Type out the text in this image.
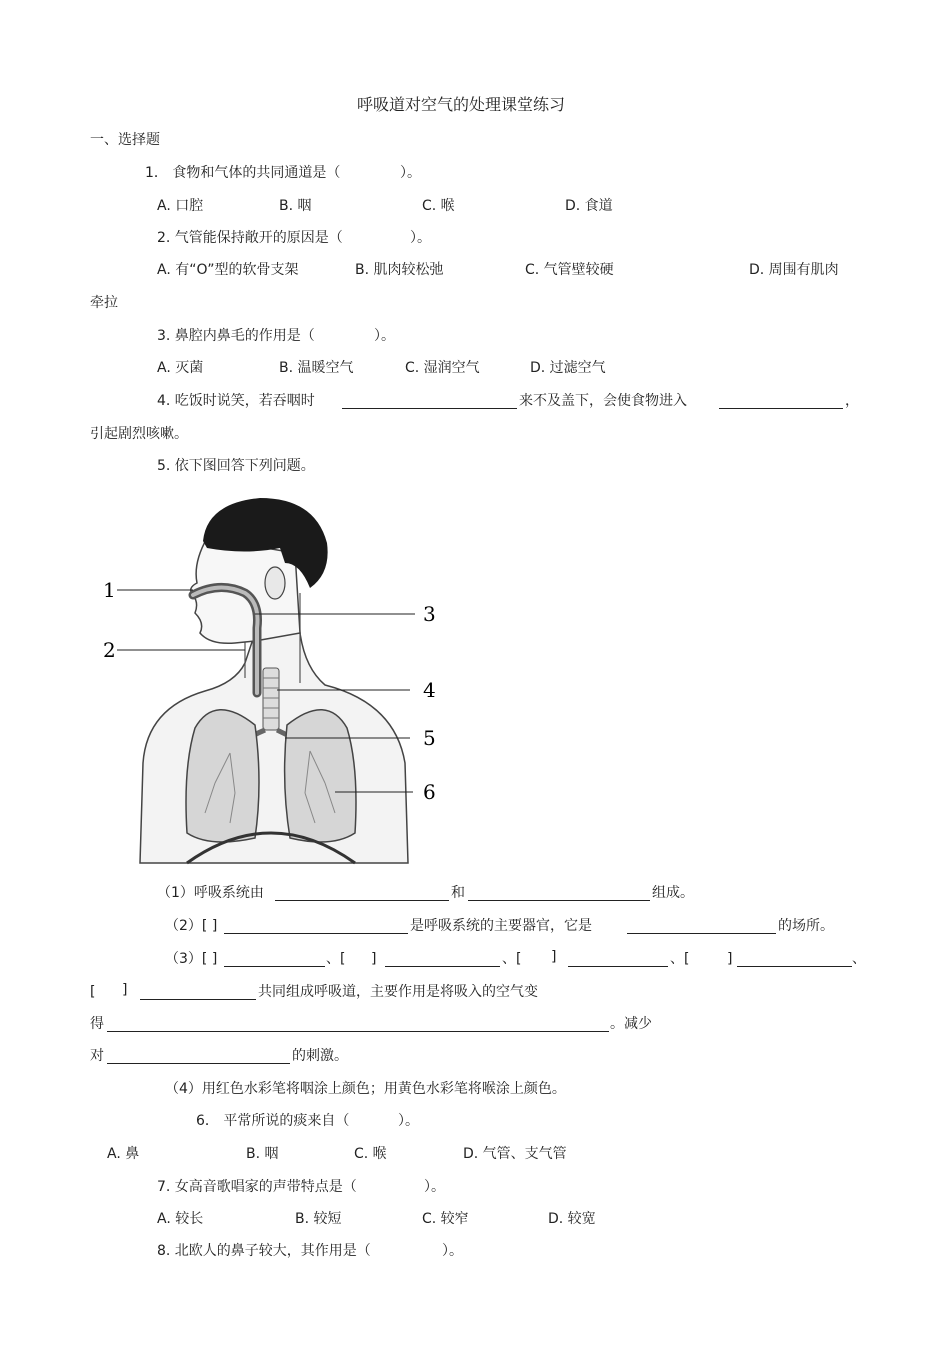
呼吸道对空气的处理课堂练习
一、选择题
1． 食物和气体的共同通道是（	）。
A. 口腔	B. 咽	C. 喉	D. 食道
2. 气管能保持敞开的原因是（	）。
A. 有“O”型的软骨支架	B. 肌肉较松弛	C. 气管壁较硬	D. 周围有肌肉
牵拉
3. 鼻腔内鼻毛的作用是（	）。
A. 灭菌	B. 温暖空气	C. 湿润空气	D. 过滤空气
4. 吃饭时说笑，若吞咽时	来不及盖下，会使食物进入	，
引起剧烈咳嗽。
5. 依下图回答下列问题。
1
2
3
4
5
6
（1）呼吸系统由	和	组成。
（2）[ ]	是呼吸系统的主要器官，它是	的场所。
（3）[ ]	、[ ]	、[ ]	、[	]	、
[ ]	共同组成呼吸道，主要作用是将吸入的空气变
得	。减少
对	的刺激。
（4）用红色水彩笔将咽涂上颜色；用黄色水彩笔将喉涂上颜色。
6． 平常所说的痰来自（	）。
A. 鼻	B. 咽	C. 喉	D. 气管、支气管
7. 女高音歌唱家的声带特点是（	）。
A. 较长	B. 较短	C. 较窄	D. 较宽
8. 北欧人的鼻子较大，其作用是（	）。
